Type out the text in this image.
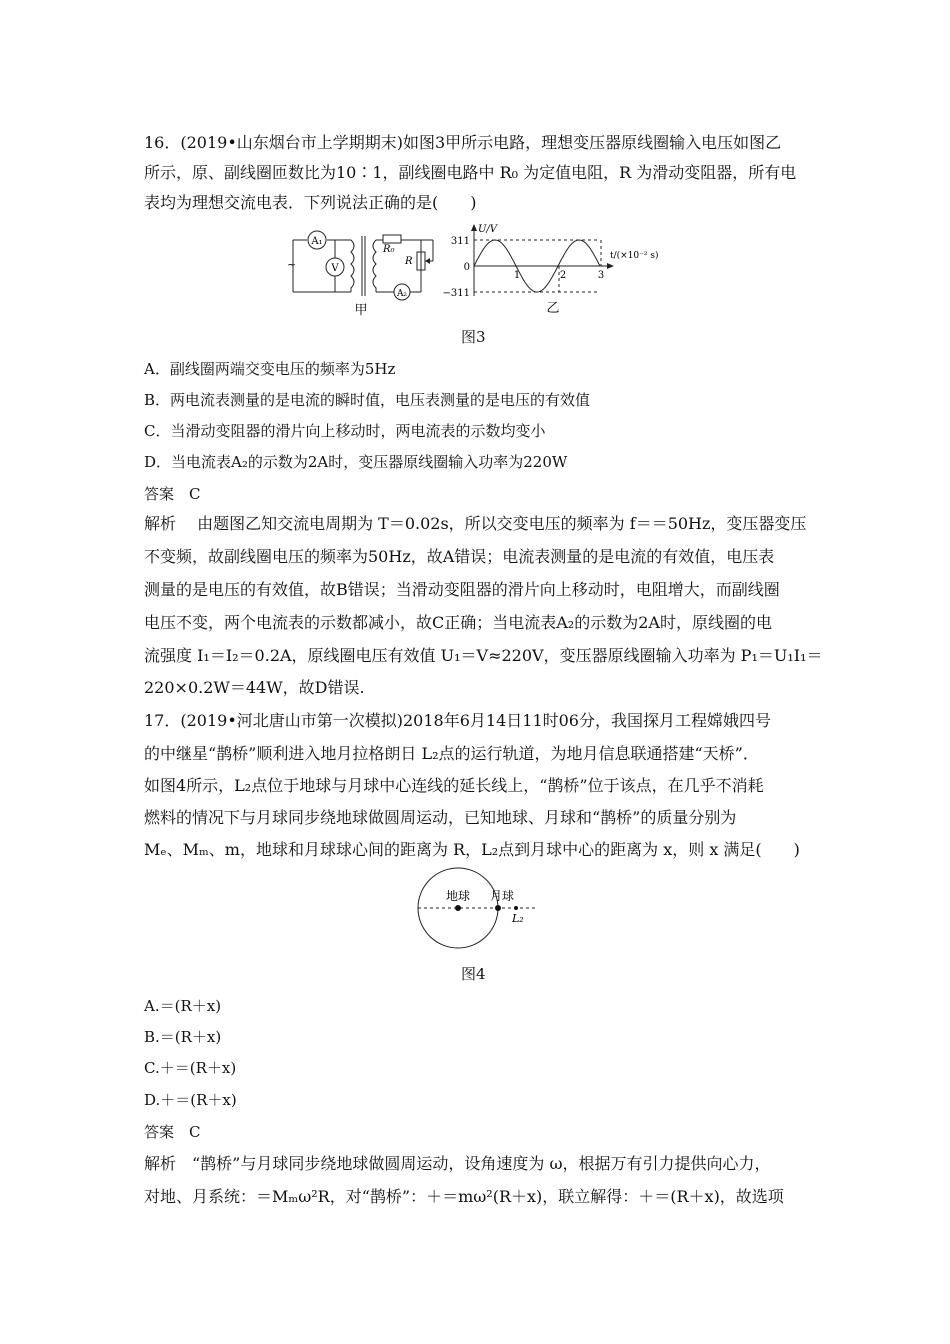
16．(2019•山东烟台市上学期期末)如图3甲所示电路，理想变压器原线圈输入电压如图乙
所示，原、副线圈匝数比为10∶1，副线圈电路中 R₀ 为定值电阻，R 为滑动变阻器，所有电
表均为理想交流电表．下列说法正确的是(　　)
A₁
V
A₂
R₀
R
~
甲
U/V
t/(×10⁻² s)
311
0
−311
1	2	3
乙
图3
A．副线圈两端交变电压的频率为5Hz
B．两电流表测量的是电流的瞬时值，电压表测量的是电压的有效值
C．当滑动变阻器的滑片向上移动时，两电流表的示数均变小
D．当电流表A₂的示数为2A时，变压器原线圈输入功率为220W
答案　C
解析　 由题图乙知交流电周期为 T＝0.02s，所以交变电压的频率为 f＝＝50Hz，变压器变压
不变频，故副线圈电压的频率为50Hz，故A错误；电流表测量的是电流的有效值，电压表
测量的是电压的有效值，故B错误；当滑动变阻器的滑片向上移动时，电阻增大，而副线圈
电压不变，两个电流表的示数都减小，故C正确；当电流表A₂的示数为2A时，原线圈的电
流强度 I₁＝I₂＝0.2A，原线圈电压有效值 U₁＝V≈220V，变压器原线圈输入功率为 P₁＝U₁I₁＝
220×0.2W＝44W，故D错误.
17．(2019•河北唐山市第一次模拟)2018年6月14日11时06分，我国探月工程嫦娥四号
的中继星“鹊桥”顺利进入地月拉格朗日 L₂点的运行轨道，为地月信息联通搭建“天桥”．
如图4所示，L₂点位于地球与月球中心连线的延长线上，“鹊桥”位于该点，在几乎不消耗
燃料的情况下与月球同步绕地球做圆周运动，已知地球、月球和“鹊桥”的质量分别为
Mₑ、Mₘ、m，地球和月球球心间的距离为 R，L₂点到月球中心的距离为 x，则 x 满足(　　)
地球 月球
L₂
图4
A.＝(R＋x)
B.＝(R＋x)
C.＋＝(R＋x)
D.＋＝(R＋x)
答案　C
解析　“鹊桥”与月球同步绕地球做圆周运动，设角速度为 ω，根据万有引力提供向心力，
对地、月系统：＝Mₘω²R，对“鹊桥”：＋＝mω²(R＋x)，联立解得：＋＝(R＋x)，故选项
